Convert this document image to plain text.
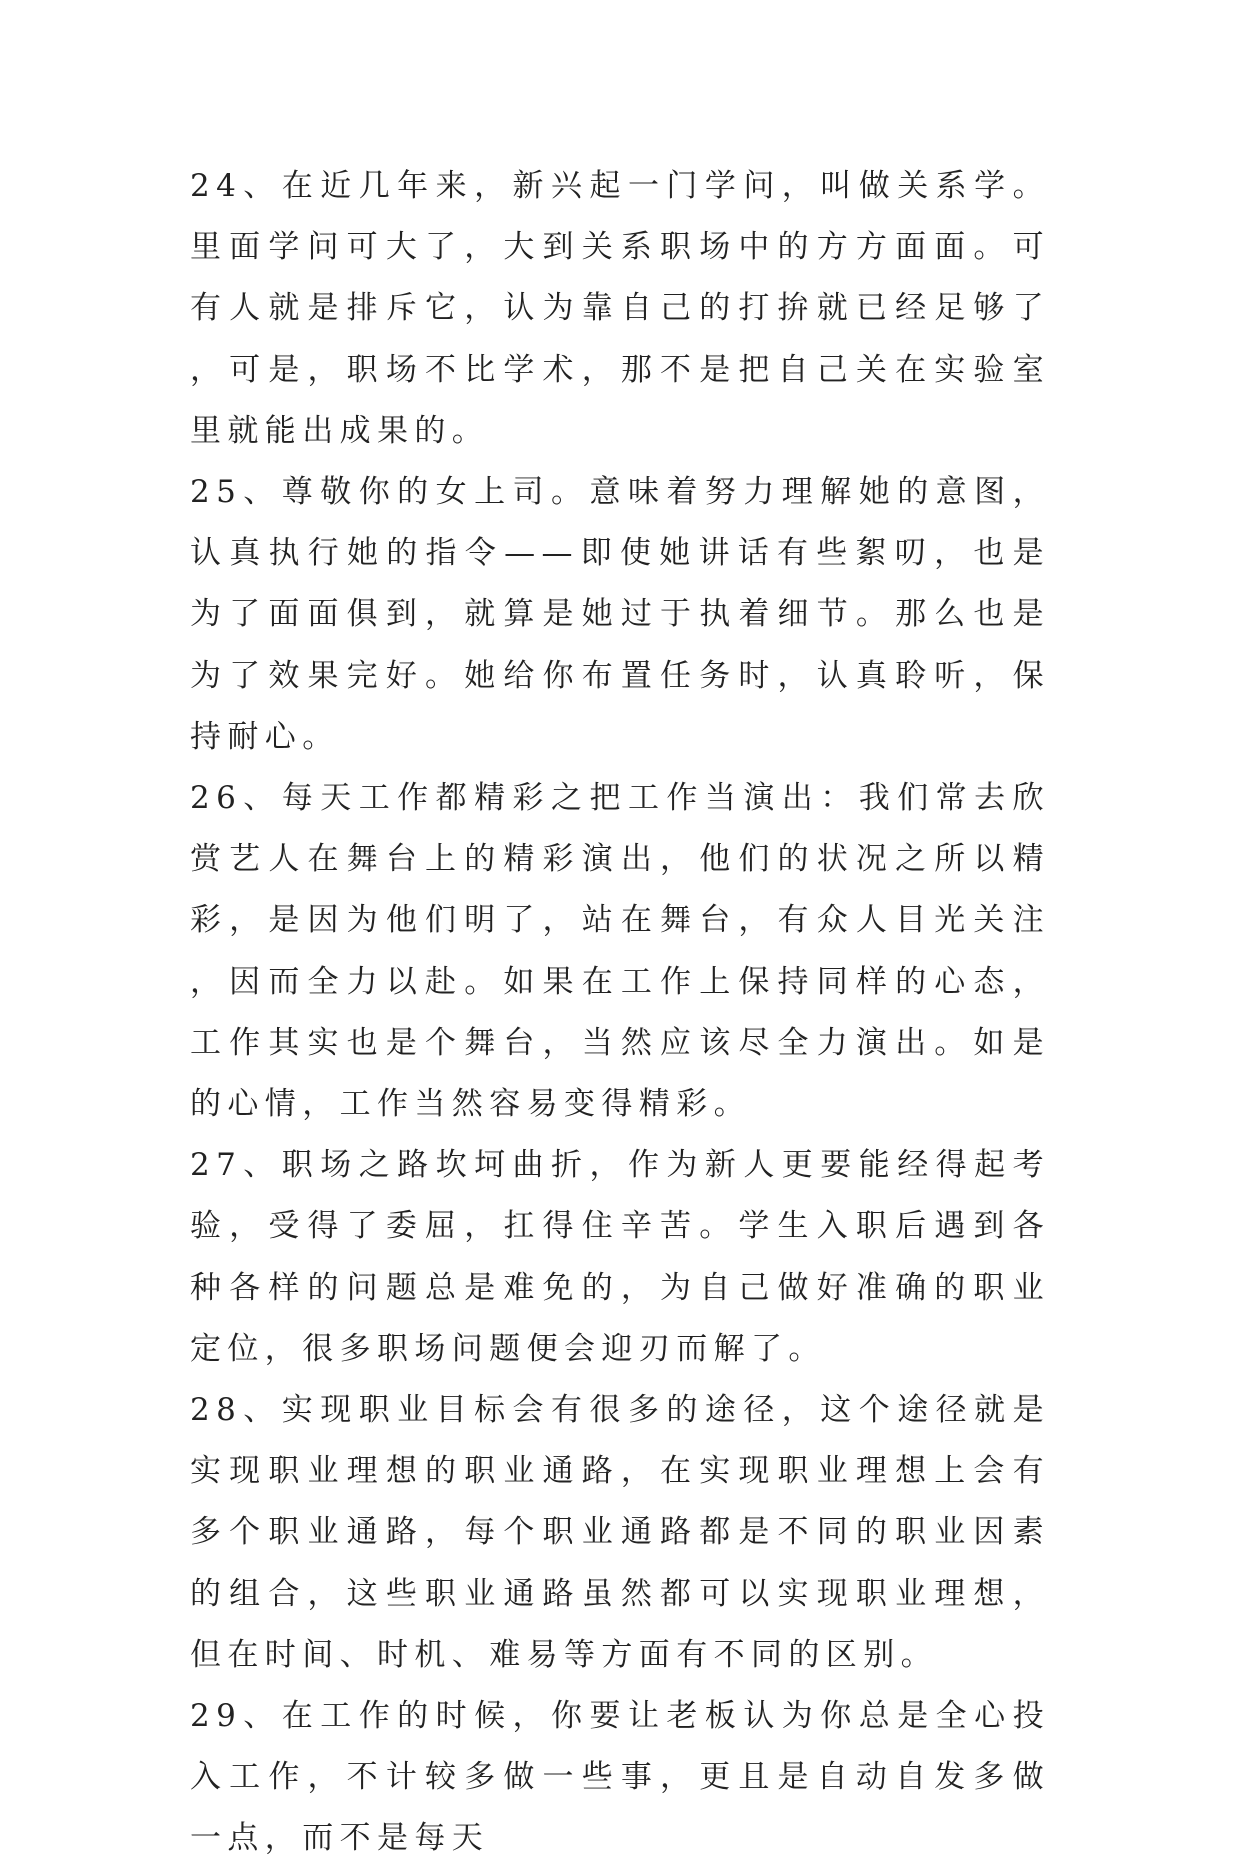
24、在近几年来，新兴起一门学问，叫做关系学。里面学问可大了，大到关系职场中的方方面面。可有人就是排斥它，认为靠自己的打拚就已经足够了，可是，职场不比学术，那不是把自己关在实验室里就能出成果的。

25、尊敬你的女上司。意味着努力理解她的意图，认真执行她的指令——即使她讲话有些絮叨，也是为了面面俱到，就算是她过于执着细节。那么也是为了效果完好。她给你布置任务时，认真聆听，保持耐心。

26、每天工作都精彩之把工作当演出：我们常去欣赏艺人在舞台上的精彩演出，他们的状况之所以精彩，是因为他们明了，站在舞台，有众人目光关注，因而全力以赴。如果在工作上保持同样的心态，工作其实也是个舞台，当然应该尽全力演出。如是的心情，工作当然容易变得精彩。

27、职场之路坎坷曲折，作为新人更要能经得起考验，受得了委屈，扛得住辛苦。学生入职后遇到各种各样的问题总是难免的，为自己做好准确的职业定位，很多职场问题便会迎刃而解了。

28、实现职业目标会有很多的途径，这个途径就是实现职业理想的职业通路，在实现职业理想上会有多个职业通路，每个职业通路都是不同的职业因素的组合，这些职业通路虽然都可以实现职业理想，但在时间、时机、难易等方面有不同的区别。

29、在工作的时候，你要让老板认为你总是全心投入工作，不计较多做一些事，更且是自动自发多做一点，而不是每天
